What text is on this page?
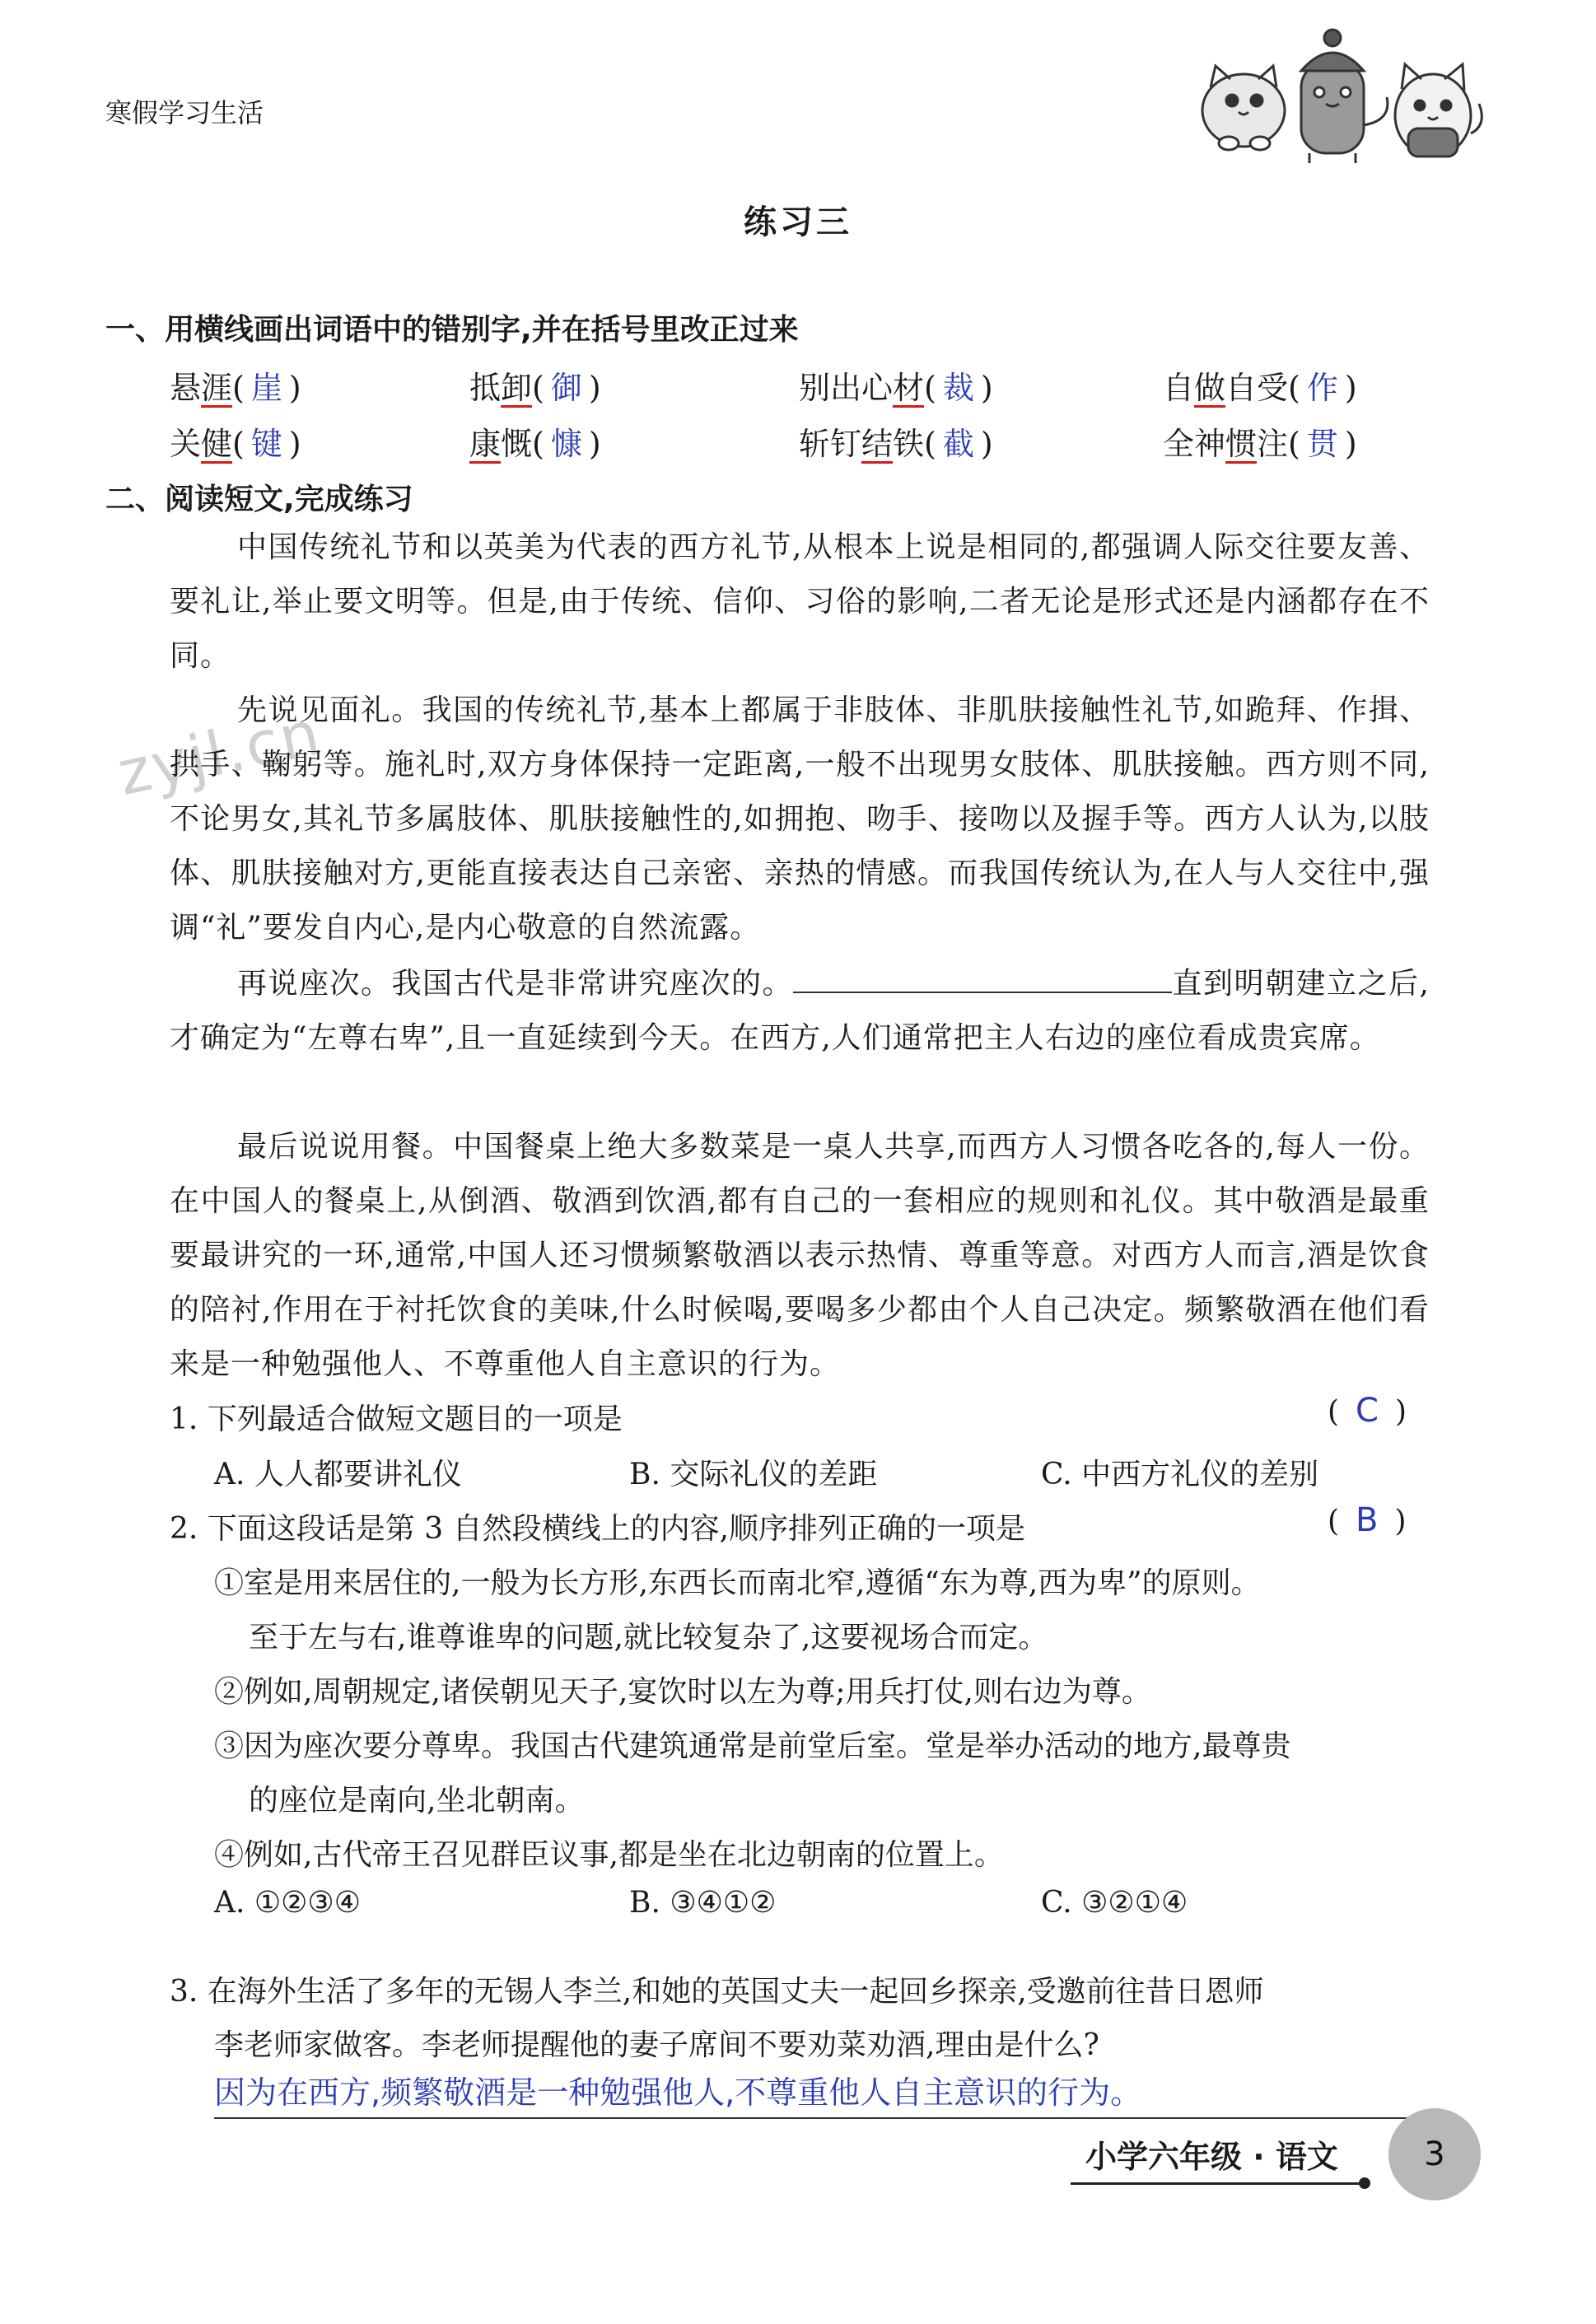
寒假学习生活
练习三
一、用横线画出词语中的错别字,并在括号里改正过来
悬涯( 崖 )	抵卸( 御 )	别出心材( 裁 )	自做自受( 作 )
关健( 键 )	康慨( 慷 )	斩钉结铁( 截 )	全神惯注( 贯 )
二、阅读短文,完成练习
中国传统礼节和以英美为代表的西方礼节,从根本上说是相同的,都强调人际交往要友善、要礼让,举止要文明等。但是,由于传统、信仰、习俗的影响,二者无论是形式还是内涵都存在不同。
zyjl.cn
先说见面礼。我国的传统礼节,基本上都属于非肢体、非肌肤接触性礼节,如跪拜、作揖、拱手、鞠躬等。施礼时,双方身体保持一定距离,一般不出现男女肢体、肌肤接触。西方则不同,不论男女,其礼节多属肢体、肌肤接触性的,如拥抱、吻手、接吻以及握手等。西方人认为,以肢体、肌肤接触对方,更能直接表达自己亲密、亲热的情感。而我国传统认为,在人与人交往中,强调“礼”要发自内心,是内心敬意的自然流露。
再说座次。我国古代是非常讲究座次的。	直到明朝建立之后,才确定为“左尊右卑”,且一直延续到今天。在西方,人们通常把主人右边的座位看成贵宾席。
最后说说用餐。中国餐桌上绝大多数菜是一桌人共享,而西方人习惯各吃各的,每人一份。在中国人的餐桌上,从倒酒、敬酒到饮酒,都有自己的一套相应的规则和礼仪。其中敬酒是最重要最讲究的一环,通常,中国人还习惯频繁敬酒以表示热情、尊重等意。对西方人而言,酒是饮食的陪衬,作用在于衬托饮食的美味,什么时候喝,要喝多少都由个人自己决定。频繁敬酒在他们看来是一种勉强他人、不尊重他人自主意识的行为。
1. 下列最适合做短文题目的一项是	( C )
A. 人人都要讲礼仪	B. 交际礼仪的差距	C. 中西方礼仪的差别
2. 下面这段话是第 3 自然段横线上的内容,顺序排列正确的一项是	( B )
①室是用来居住的,一般为长方形,东西长而南北窄,遵循“东为尊,西为卑”的原则。
至于左与右,谁尊谁卑的问题,就比较复杂了,这要视场合而定。
②例如,周朝规定,诸侯朝见天子,宴饮时以左为尊;用兵打仗,则右边为尊。
③因为座次要分尊卑。我国古代建筑通常是前堂后室。堂是举办活动的地方,最尊贵
的座位是南向,坐北朝南。
④例如,古代帝王召见群臣议事,都是坐在北边朝南的位置上。
A. ①②③④	B. ③④①②	C. ③②①④
3. 在海外生活了多年的无锡人李兰,和她的英国丈夫一起回乡探亲,受邀前往昔日恩师
李老师家做客。李老师提醒他的妻子席间不要劝菜劝酒,理由是什么?
因为在西方,频繁敬酒是一种勉强他人,不尊重他人自主意识的行为。
小学六年级 · 语文	3
